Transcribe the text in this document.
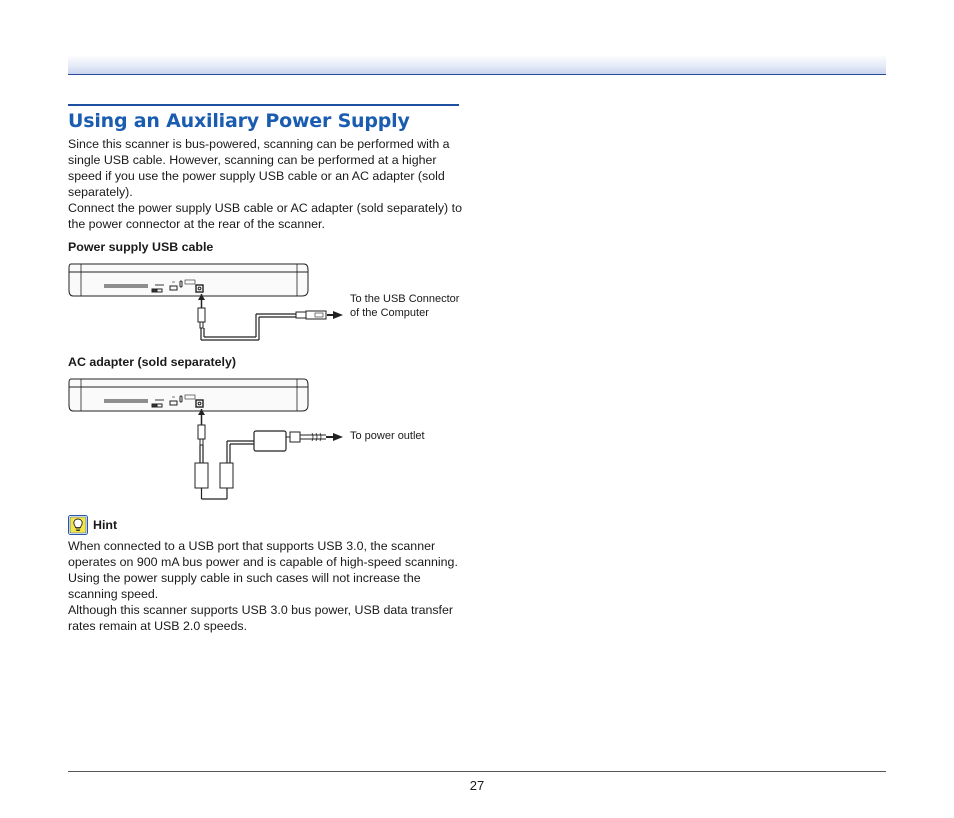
Using an Auxiliary Power Supply

Since this scanner is bus-powered, scanning can be performed with a single USB cable. However, scanning can be performed at a higher speed if you use the power supply USB cable or an AC adapter (sold separately).

Connect the power supply USB cable or AC adapter (sold separately) to the power connector at the rear of the scanner.

Power supply USB cable

To the USB Connector of the Computer

AC adapter (sold separately)

To power outlet

Hint

When connected to a USB port that supports USB 3.0, the scanner operates on 900 mA bus power and is capable of high-speed scanning. Using the power supply cable in such cases will not increase the scanning speed.

Although this scanner supports USB 3.0 bus power, USB data transfer rates remain at USB 2.0 speeds.

27
